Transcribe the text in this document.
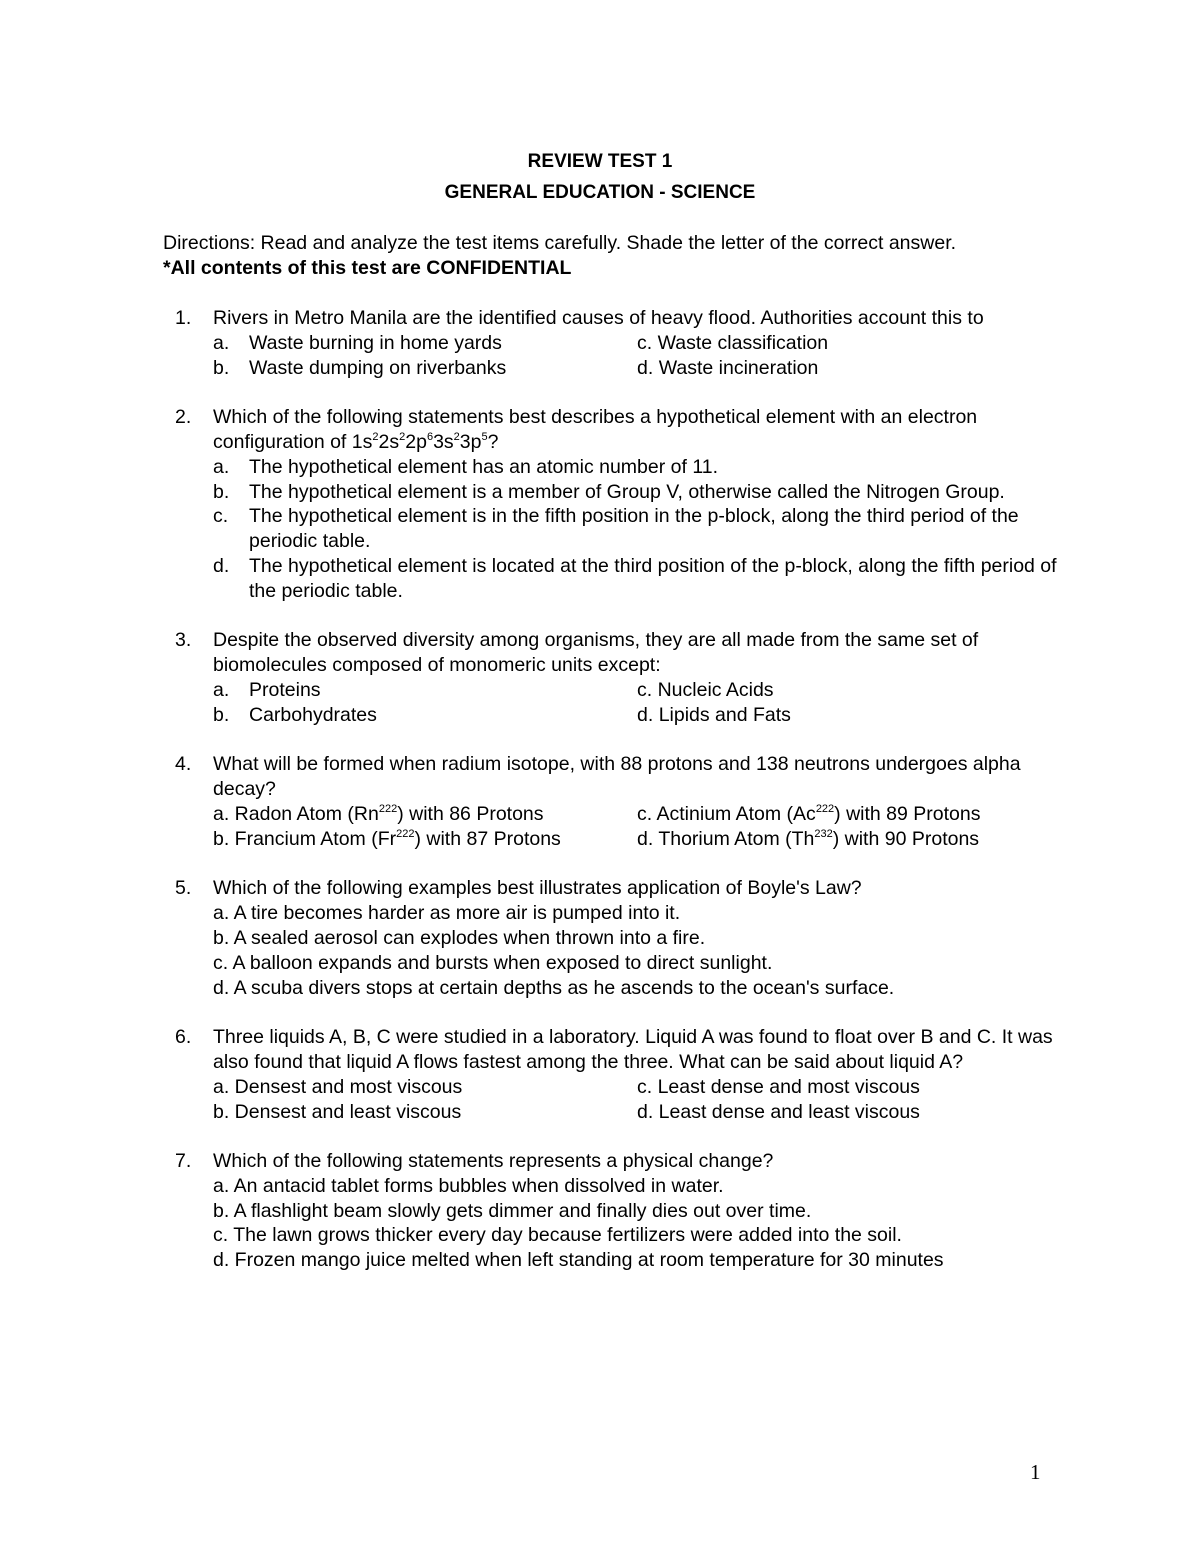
REVIEW TEST 1
GENERAL EDUCATION - SCIENCE
Directions: Read and analyze the test items carefully. Shade the letter of the correct answer.
*All contents of this test are CONFIDENTIAL
1. Rivers in Metro Manila are the identified causes of heavy flood. Authorities account this to
a. Waste burning in home yards	c. Waste classification
b. Waste dumping on riverbanks	d. Waste incineration
2. Which of the following statements best describes a hypothetical element with an electron configuration of $1s^22s^22p^63s^23p^5$?
a. The hypothetical element has an atomic number of 11.
b. The hypothetical element is a member of Group V, otherwise called the Nitrogen Group.
c. The hypothetical element is in the fifth position in the p-block, along the third period of the periodic table.
d. The hypothetical element is located at the third position of the p-block, along the fifth period of the periodic table.
3. Despite the observed diversity among organisms, they are all made from the same set of biomolecules composed of monomeric units except:
a. Proteins	c. Nucleic Acids
b. Carbohydrates	d. Lipids and Fats
4. What will be formed when radium isotope, with 88 protons and 138 neutrons undergoes alpha decay?
a. Radon Atom (Rn$^{222}$) with 86 Protons	c. Actinium Atom (Ac$^{222}$) with 89 Protons
b. Francium Atom (Fr$^{222}$) with 87 Protons	d. Thorium Atom (Th$^{232}$) with 90 Protons
5. Which of the following examples best illustrates application of Boyle's Law?
a. A tire becomes harder as more air is pumped into it.
b. A sealed aerosol can explodes when thrown into a fire.
c. A balloon expands and bursts when exposed to direct sunlight.
d. A scuba divers stops at certain depths as he ascends to the ocean's surface.
6. Three liquids A, B, C were studied in a laboratory. Liquid A was found to float over B and C. It was also found that liquid A flows fastest among the three. What can be said about liquid A?
a. Densest and most viscous	c. Least dense and most viscous
b. Densest and least viscous	d. Least dense and least viscous
7. Which of the following statements represents a physical change?
a. An antacid tablet forms bubbles when dissolved in water.
b. A flashlight beam slowly gets dimmer and finally dies out over time.
c. The lawn grows thicker every day because fertilizers were added into the soil.
d. Frozen mango juice melted when left standing at room temperature for 30 minutes
1
